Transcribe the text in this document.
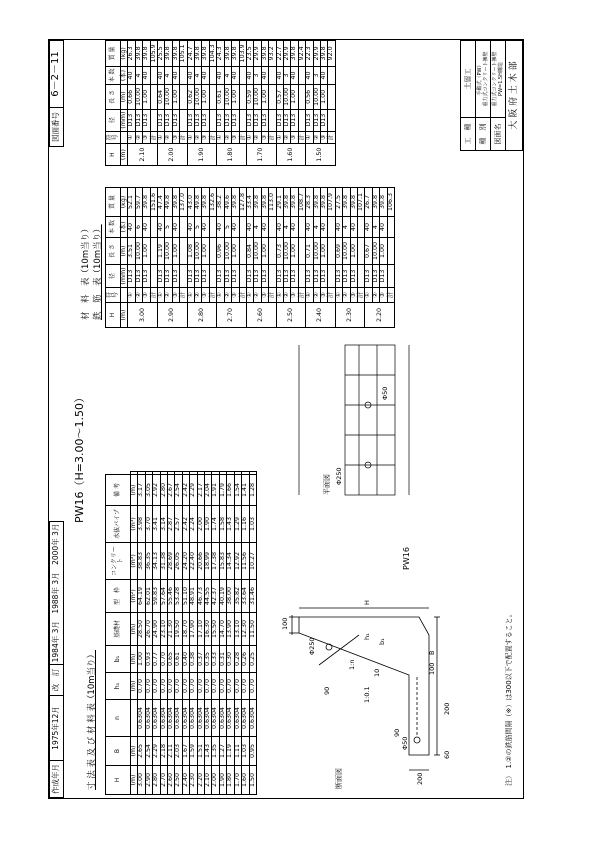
作成年月	1975年12月	改　訂	1984年 3月　1988年 3月　2000年 3月
図面番号	6－2－11
PW16（H=3.00～1.50）
寸 法 表 及 び 材 料 表（10m当り）
材　料　表（10m当り） 鉄　筋　表（10m当り）
H	B	n	h₁	b₁	基礎材	型　枠	コンクリート	水抜パイプ	備 考	
(m)	(m)		(m)	(m)	(m)	(m²)	(m³)	(m³)	(m)	
3.00	2.65	0.6304	0.70	1.00	28.50	64.19	38.83	3.98	3.17	
2.90	2.54	0.6304	0.70	0.93	26.70	62.01	36.35	3.70	3.05	
2.80	2.29	0.6304	0.70	0.77	24.90	59.83	34.13	3.41	2.92	
2.70	2.18	0.6304	0.70	0.70	23.10	57.64	31.38	3.14	2.80	
2.60	2.11	0.6304	0.70	0.65	21.30	55.46	28.69	2.87	2.67	
2.50	2.03	0.6304	0.70	0.61	19.50	53.28	26.05	2.57	2.54	
2.40	1.67	0.6304	0.70	0.40	18.70	51.10	24.20	2.42	2.42	
2.30	1.59	0.6304	0.70	0.38	17.90	48.91	22.40	2.24	2.29	
2.20	1.51	0.6304	0.70	0.37	17.10	46.73	20.66	2.00	2.17	
2.10	1.43	0.6304	0.70	0.35	16.30	44.55	18.99	1.90	2.04	
2.00	1.35	0.6304	0.70	0.33	15.50	42.37	17.38	1.74	1.91	
1.90	1.27	0.6304	0.70	0.31	14.70	40.19	15.83	1.58	1.79	
1.80	1.19	0.6304	0.70	0.30	13.90	38.00	14.34	1.43	1.66	
1.70	1.11	0.6304	0.70	0.28	13.10	35.82	12.92	1.29	1.54	
1.60	1.03	0.6304	0.70	0.26	12.30	33.64	11.56	1.16	1.41	
1.50	0.95	0.6304	0.70	0.25	11.50	31.46	10.27	1.03	1.28	
H	符 号	径	長 さ	本 数	質 量
(m)		(mm)	(m)	(本)	(kg)
3.00	①	D13	3.51	40	52.1
	②	D13	10.00	6	59.7
	③	D13	1.00	40	39.8
	計				151.6
2.90	①	D13	1.19	40	47.4
	②	D13	10.00	5	49.8
	③	D13	1.00	40	39.8
	計				137.0
2.80	①	D13	1.08	40	43.0
	②	D13	10.00	5	49.8
	③	D13	1.00	40	39.8
	計				132.6
2.70	①	D13	0.96	40	38.2
	②	D13	10.00	5	49.6
	③	D13	1.00	40	39.8
	計				127.8
2.60	①	D13	0.84	40	33.4
	②	D13	10.00	4	39.8
	③	D13	1.00	40	39.8
	計				113.0
2.50	①	D13	0.73	40	29.1
	②	D13	10.00	4	39.8
	③	D13	1.00	40	39.8
	計				108.7
2.40	①	D13	0.71	40	28.3
	②	D13	10.00	4	39.8
	③	D13	1.00	40	39.8
	計				107.9
2.30	①	D13	0.69	40	27.5
	②	D13	10.00	4	39.8
	③	D13	1.00	40	39.8
	計				107.1
2.20	①	D13	0.67	40	26.7
	②	D13	10.00	4	39.8
	③	D13	1.00	40	39.8
	計				106.3
H	符 号	径	長 さ	本 数	質 量
(m)		(mm)	(m)	(本)	(kg)
2.10	①	D13	0.66	40	26.3
	②	D13	10.00	4	39.8
	③	D13	1.00	40	39.8
	計				105.9
2.00	①	D13	0.64	40	25.5
	②	D13	10.00	4	39.8
	③	D13	1.00	40	39.8
	計				105.1
1.90	①	D13	0.62	40	24.7
	②	D13	10.00	4	39.8
	③	D13	1.00	40	39.8
	計				104.3
1.80	①	D13	0.61	40	24.3
	②	D13	10.00	4	39.8
	③	D13	1.00	40	39.8
	計				103.9
1.70	①	D13	0.59	40	23.5
	②	D13	10.00	3	29.9
	③	D13	1.00	40	39.8
	計				93.2
1.60	①	D13	0.57	40	22.7
	②	D13	10.00	3	29.9
	③	D13	1.00	40	39.8
	計				92.4
1.50	①	D13	0.56	40	22.3
	②	D13	10.00	3	29.9
	③	D13	1.00	40	39.8
	計				92.0
断面図	200
90
100
B
H
100
200
60
90
Φ250
h₁
b₁
1:n
10
1:0.1
Φ50
PW16
平面図 Φ250
Φ50
注）　1.②の鉄筋間隔（※）は300以下で配置すること。
工　種	土留工
種　別	手動式（PW） 重力式コンクリート擁壁

図面名	重力式コンクリート擁壁 PW=1.5H構造

大 阪 府 土 木 部	
